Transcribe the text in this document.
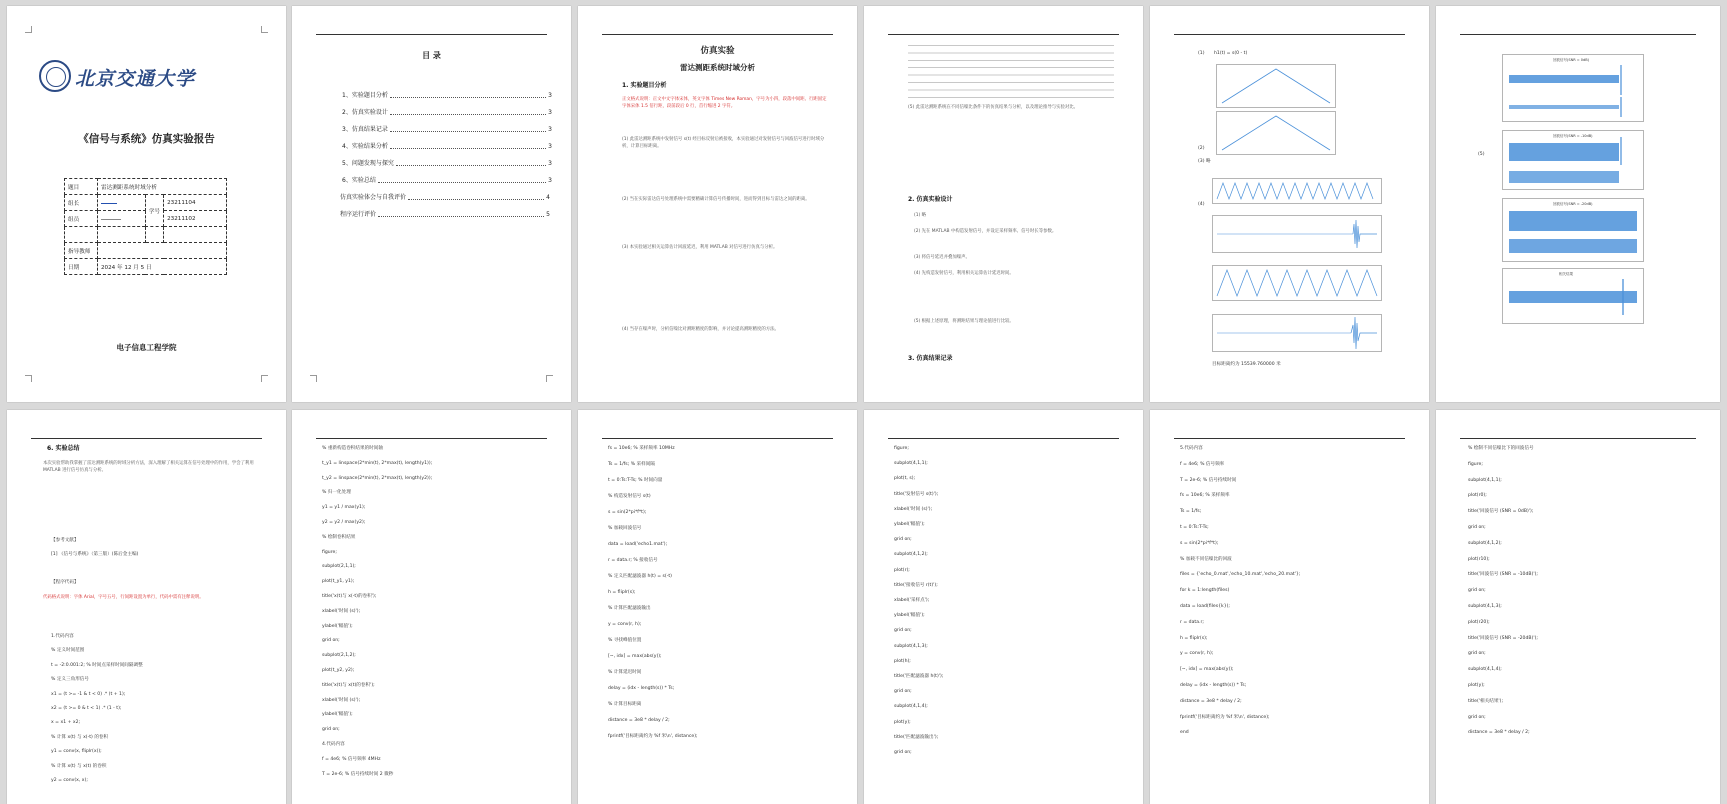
北京交通大学
《信号与系统》仿真实验报告
题目	雷达测距系统时域分析		
组长		学号	23211104
组员			23211102

指导教师			
日期	2024 年 12 月 5 日		
电子信息工程学院
目 录
1、实验题目分析	3
2、仿真实验设计	3
3、仿真结果记录	3
4、实验结果分析	3
5、问题发现与探究	3
6、实验总结	3
仿真实验体会与自我评价	4
程序运行评价	5
仿真实验
雷达测距系统时域分析
1. 实验题目分析
正文格式说明：正文中文字体宋体，英文字体 Times New Roman，字号为小四，段落中间距、行距固定字体宋体 1.5 倍行距，段前段后 0 行，首行缩进 2 字符。
(1) 此雷达测距系统中发射信号 s(t) 经目标反射后被接收，本实验通过对发射信号与回波信号进行时域分析，计算目标距离。
(2) 当在实际雷达信号处理系统中需要精确计算信号传播时间，进而得到目标与雷达之间的距离。
(3) 本实验通过相关运算估计回波延迟，利用 MATLAB 对信号进行仿真与分析。
(4) 当存在噪声时，分析信噪比对测距精度的影响，并讨论提高测距精度的方法。
(5) 此雷达测距系统在不同信噪比条件下的仿真结果与分析，以及理论推导与实验对比。
2. 仿真实验设计
(1) 略
(2) 先在 MATLAB 中构造发射信号，并设定采样频率、信号时长等参数。
(3) 将信号延迟并叠加噪声。
(4) 先构造发射信号，利用相关运算估计延迟时间。
(5) 根据上述原理，将测距结果与理论值进行比较。
3. 仿真结果记录
(1) h1(t) = s(0 - t)
(2)
(3) 略
(4)
目标距离约为 15539.760000 米
(5)
回波信号(SNR = 0dB)
回波信号(SNR = -10dB)
回波信号(SNR = -20dB)
相关结果
6. 实验总结
本次实验帮助我掌握了雷达测距系统的时域分析方法，深入理解了相关运算在信号处理中的作用，学会了利用 MATLAB 进行信号仿真与分析。
【参考文献】
[1] 《信号与系统》（第三版）(陈后金主编)
【程序代码】
代码格式说明：字体 Arial，字号五号，行间距设置为单行，代码中需有注释说明。
1.代码内容
% 定义时间范围
t = -2:0.001:2; % 时间点采样时间间隔调整
% 定义三角形信号
x1 = (t >= -1 & t < 0) .* (t + 1);
x2 = (t >= 0 & t < 1) .* (1 - t);
x = x1 + x2;
% 计算 x(t) 与 x(-t) 的卷积
y1 = conv(x, fliplr(x));
% 计算 x(t) 与 x(t) 的卷积
y2 = conv(x, x);
% 重新构造卷积结果的时间轴
t_y1 = linspace(2*min(t), 2*max(t), length(y1));
t_y2 = linspace(2*min(t), 2*max(t), length(y2));
% 归一化处理
y1 = y1 / max(y1);
y2 = y2 / max(y2);
% 绘制卷积结果
figure;
subplot(2,1,1);
plot(t_y1, y1);
title('x(t)与 x(-t)的卷积');
xlabel('时间 (s)');
ylabel('幅值');
grid on;
subplot(2,1,2);
plot(t_y2, y2);
title('x(t)与 x(t)的卷积');
xlabel('时间 (s)');
ylabel('幅值');
grid on;
4.代码内容
f = 4e6; % 信号频率 4MHz
T = 2e-6; % 信号持续时间 2 微秒
fs = 10e6; % 采样频率 10MHz
Ts = 1/fs; % 采样间隔
t = 0:Ts:T-Ts; % 时间向量
% 构造发射信号 s(t)
s = sin(2*pi*f*t);
% 加载回波信号
data = load('echo1.mat');
r = data.r; % 接收信号
% 定义匹配滤波器 h(t) = s(-t)
h = fliplr(s);
% 计算匹配滤波输出
y = conv(r, h);
% 寻找峰值位置
[~, idx] = max(abs(y));
% 计算延迟时间
delay = (idx - length(s)) * Ts;
% 计算目标距离
distance = 3e8 * delay / 2;
fprintf('目标距离约为 %f 米\n', distance);
figure;
subplot(4,1,1);
plot(t, s);
title('发射信号 s(t)');
xlabel('时间 (s)');
ylabel('幅值');
grid on;
subplot(4,1,2);
plot(r);
title('接收信号 r(t)');
xlabel('采样点');
ylabel('幅值');
grid on;
subplot(4,1,3);
plot(h);
title('匹配滤波器 h(t)');
grid on;
subplot(4,1,4);
plot(y);
title('匹配滤波输出');
grid on;
5.代码内容
f = 4e6; % 信号频率
T = 2e-6; % 信号持续时间
fs = 10e6; % 采样频率
Ts = 1/fs;
t = 0:Ts:T-Ts;
s = sin(2*pi*f*t);
% 加载不同信噪比的回波
files = {'echo_0.mat','echo_10.mat','echo_20.mat'};
for k = 1:length(files)
data = load(files{k});
r = data.r;
h = fliplr(s);
y = conv(r, h);
[~, idx] = max(abs(y));
delay = (idx - length(s)) * Ts;
distance = 3e8 * delay / 2;
fprintf('目标距离约为 %f 米\n', distance);
end
% 绘制不同信噪比下的回波信号
figure;
subplot(4,1,1);
plot(r0);
title('回波信号 (SNR = 0dB)');
grid on;
subplot(4,1,2);
plot(r10);
title('回波信号 (SNR = -10dB)');
grid on;
subplot(4,1,3);
plot(r20);
title('回波信号 (SNR = -20dB)');
grid on;
subplot(4,1,4);
plot(y);
title('相关结果');
grid on;
distance = 3e8 * delay / 2;
